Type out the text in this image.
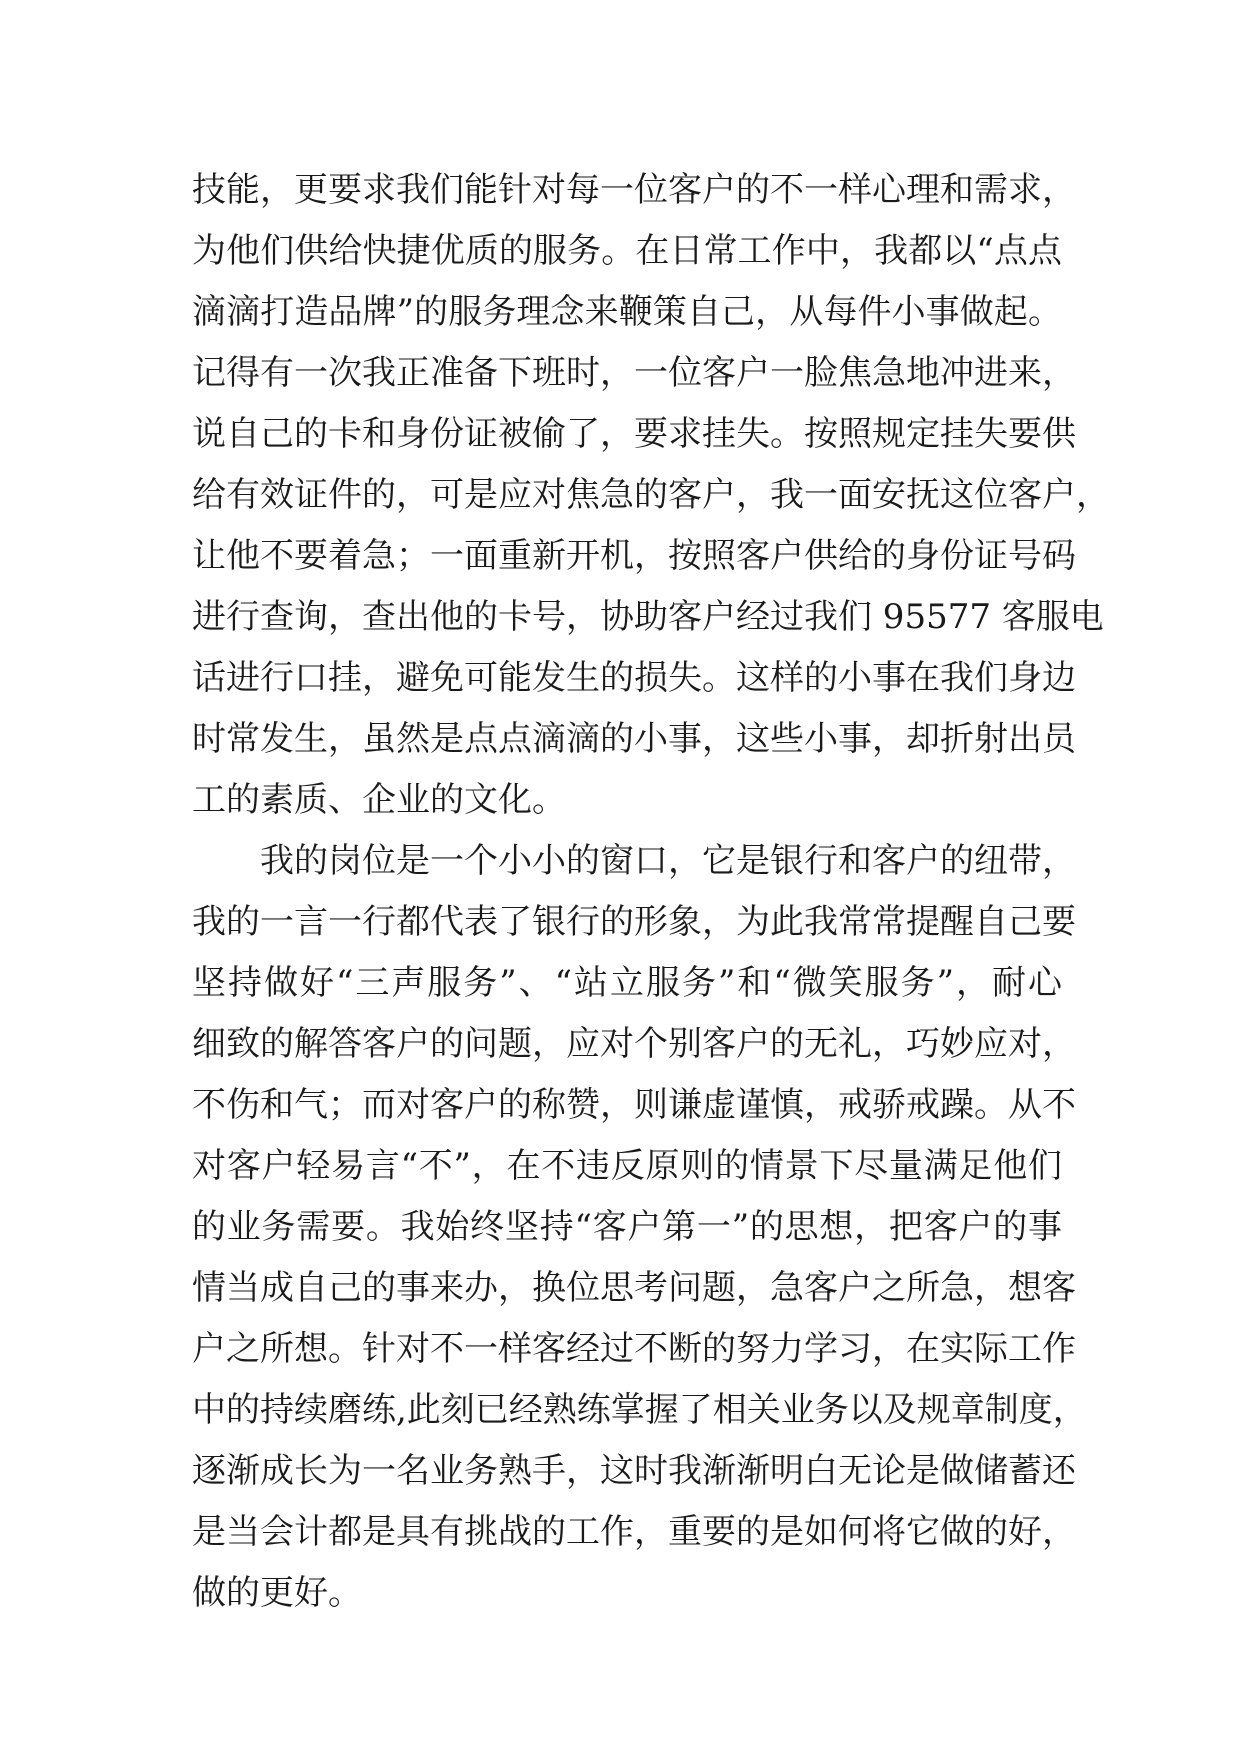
技能，更要求我们能针对每一位客户的不一样心理和需求，
为他们供给快捷优质的服务。在日常工作中，我都以“点点
滴滴打造品牌”的服务理念来鞭策自己，从每件小事做起。
记得有一次我正准备下班时，一位客户一脸焦急地冲进来，
说自己的卡和身份证被偷了，要求挂失。按照规定挂失要供
给有效证件的，可是应对焦急的客户，我一面安抚这位客户，
让他不要着急；一面重新开机，按照客户供给的身份证号码
进行查询，查出他的卡号，协助客户经过我们 95577 客服电
话进行口挂，避免可能发生的损失。这样的小事在我们身边
时常发生，虽然是点点滴滴的小事，这些小事，却折射出员
工的素质、企业的文化。
我的岗位是一个小小的窗口，它是银行和客户的纽带，
我的一言一行都代表了银行的形象，为此我常常提醒自己要
坚持做好“三声服务”、“站立服务”和“微笑服务”，耐心
细致的解答客户的问题，应对个别客户的无礼，巧妙应对，
不伤和气；而对客户的称赞，则谦虚谨慎，戒骄戒躁。从不
对客户轻易言“不”，在不违反原则的情景下尽量满足他们
的业务需要。我始终坚持“客户第一”的思想，把客户的事
情当成自己的事来办，换位思考问题，急客户之所急，想客
户之所想。针对不一样客经过不断的努力学习，在实际工作
中的持续磨练,此刻已经熟练掌握了相关业务以及规章制度，
逐渐成长为一名业务熟手，这时我渐渐明白无论是做储蓄还
是当会计都是具有挑战的工作，重要的是如何将它做的好，
做的更好。
